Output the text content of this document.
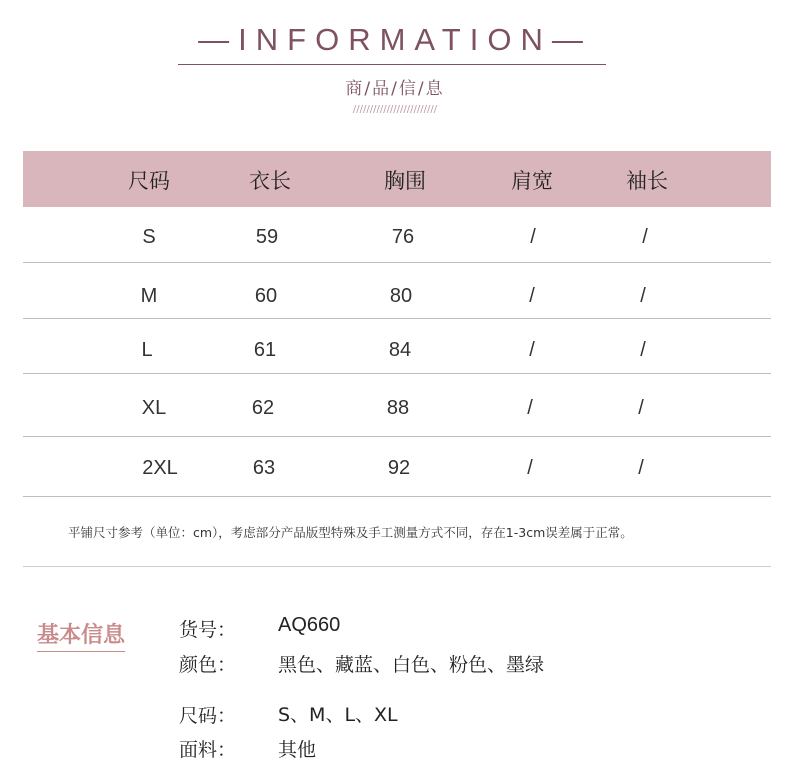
—INFORMATION—
商/品/信/息
/////////////////////////
尺码	衣长	胸围	肩宽	袖长
S	59	76	/	/
M	60	80	/	/
L	61	84	/	/
XL	62	88	/	/
2XL	63	92	/	/
平铺尺寸参考（单位：cm），考虑部分产品版型特殊及手工测量方式不同，存在1-3cm误差属于正常。
基本信息	货号： AQ660
颜色： 黑色、藏蓝、白色、粉色、墨绿
尺码： S、M、L、XL
面料： 其他
